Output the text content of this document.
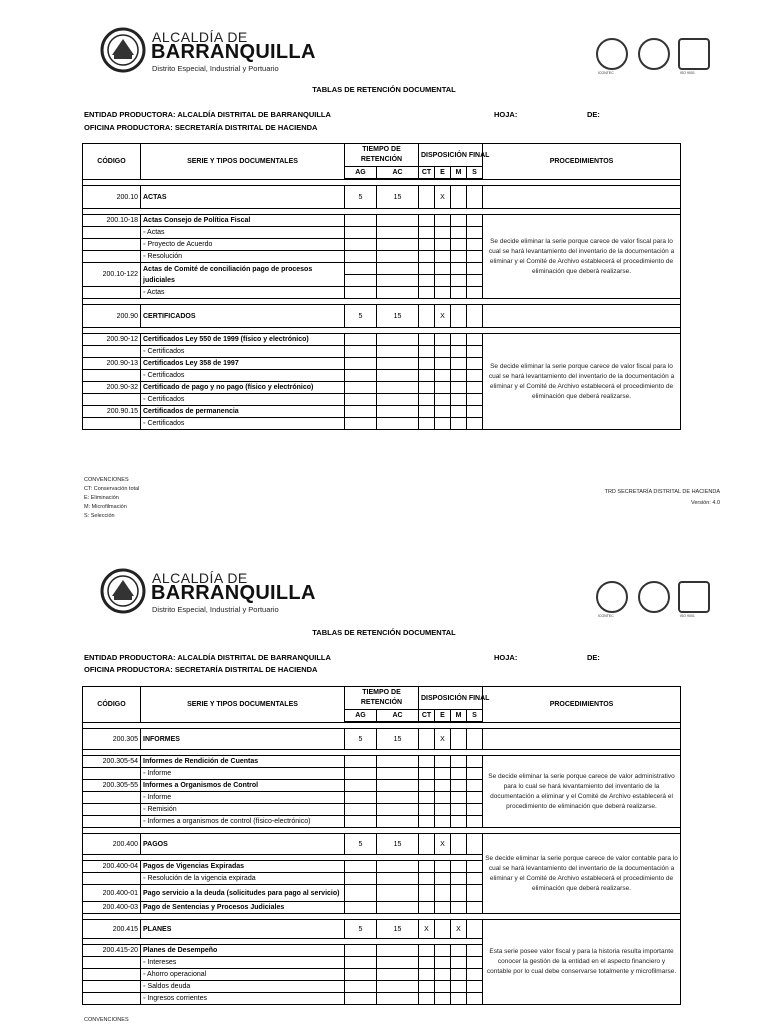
ALCALDÍA DE
BARRANQUILLA
Distrito Especial, Industrial y Portuario	ICONTEC	ISO 9001
TABLAS DE RETENCIÓN DOCUMENTAL
ENTIDAD PRODUCTORA: ALCALDÍA DISTRITAL DE BARRANQUILLA
OFICINA PRODUCTORA: SECRETARÍA DISTRITAL DE HACIENDA
HOJA:	DE:
CÓDIGO	SERIE Y TIPOS DOCUMENTALES	TIEMPO DE RETENCIÓN		DISPOSICIÓN FINAL				PROCEDIMIENTOS
		AG	AC	CT	E	M	S	

200.10	ACTAS	5	15		X			

200.10-18	Actas Consejo de Política Fiscal							Se decide eliminar la serie porque carece de valor fiscal para lo cual se hará levantamiento del inventario de la documentación a eliminar y el Comité de Archivo establecerá el procedimiento de eliminación que deberá realizarse.
	◦ Actas							
	◦ Proyecto de Acuerdo							
	◦ Resolución							
200.10-122	Actas de Comité de conciliación pago de procesos judiciales							

	◦ Actas							

200.90	CERTIFICADOS	5	15		X			

200.90-12	Certificados Ley 550 de 1999 (físico y electrónico)							Se decide eliminar la serie porque carece de valor fiscal para lo cual se hará levantamiento del inventario de la documentación a eliminar y el Comité de Archivo establecerá el procedimiento de eliminación que deberá realizarse.
	◦ Certificados							
200.90-13	Certificados Ley 358 de 1997							
	◦ Certificados							
200.90-32	Certificado de pago y no pago (físico y electrónico)							
	◦ Certificados							
200.90.15	Certificados de permanencia							
	◦ Certificados							
CONVENCIONES
CT: Conservación total
E: Eliminación
M: Microfilmación
S: Selección
TRD SECRETARÍA DISTRITAL DE HACIENDA
Versión: 4.0
ALCALDÍA DE
BARRANQUILLA
Distrito Especial, Industrial y Portuario
ICONTEC	ISO 9001
TABLAS DE RETENCIÓN DOCUMENTAL
ENTIDAD PRODUCTORA: ALCALDÍA DISTRITAL DE BARRANQUILLA
OFICINA PRODUCTORA: SECRETARÍA DISTRITAL DE HACIENDA
HOJA:	DE:
CÓDIGO	SERIE Y TIPOS DOCUMENTALES	TIEMPO DE RETENCIÓN		DISPOSICIÓN FINAL				PROCEDIMIENTOS
		AG	AC	CT	E	M	S	

200.305	INFORMES	5	15		X			

200.305-54	Informes de Rendición de Cuentas							Se decide eliminar la serie porque carece de valor administrativo para lo cual se hará levantamiento del inventario de la documentación a eliminar y el Comité de Archivo establecerá el procedimiento de eliminación que deberá realizarse.
	◦ Informe							
200.305-55	Informes a Organismos de Control							
	◦ Informe							
	◦ Remisión							
	◦ Informes a organismos de control (físico-electrónico)							

200.400	PAGOS	5	15		X			Se decide eliminar la serie porque carece de valor contable para lo cual se hará levantamiento del inventario de la documentación a eliminar y el Comité de Archivo establecerá el procedimiento de eliminación que deberá realizarse.

200.400-04	Pagos de Vigencias Expiradas							
	◦ Resolución de la vigencia expirada							
200.400-01	Pago servicio a la deuda (solicitudes para pago al servicio)							
200.400-03	Pago de Sentencias y Procesos Judiciales							

200.415	PLANES	5	15	X		X		Esta serie posee valor fiscal y para la historia resulta importante conocer la gestión de la entidad en el aspecto financiero y contable por lo cual debe conservarse totalmente y microfilmarse.

200.415-20	Planes de Desempeño							
	◦ Intereses							
	◦ Ahorro operacional							
	◦ Saldos deuda							
	◦ Ingresos corrientes							
CONVENCIONES
